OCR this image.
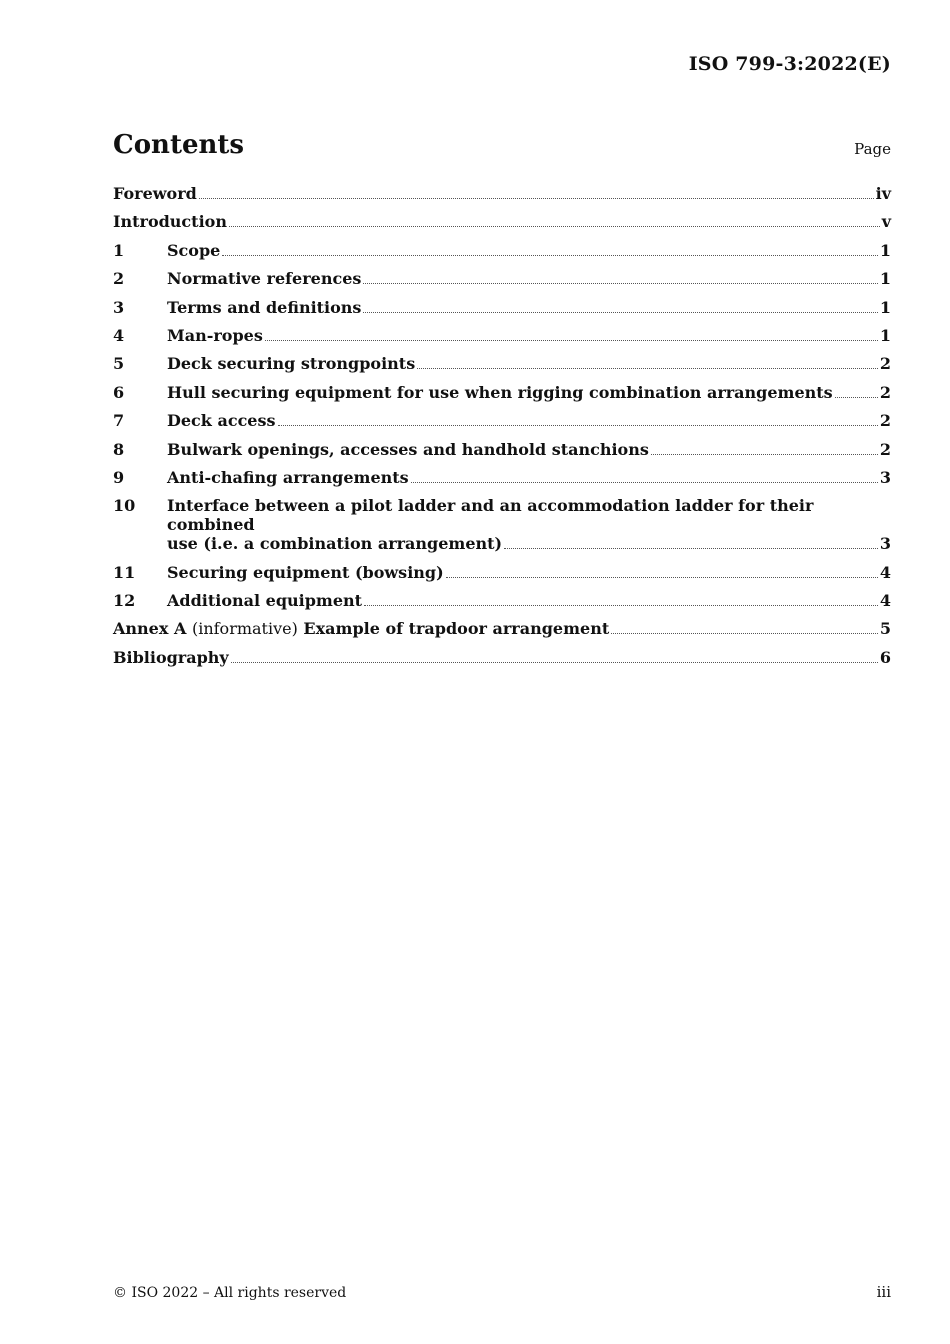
ISO 799-3:2022(E)
Contents	Page
Foreword	iv
Introduction	v
1	Scope	1
2	Normative references	1
3	Terms and definitions	1
4	Man-ropes	1
5	Deck securing strongpoints	2
6	Hull securing equipment for use when rigging combination arrangements	2
7	Deck access	2
8	Bulwark openings, accesses and handhold stanchions	2
9	Anti-chafing arrangements	3
10	Interface between a pilot ladder and an accommodation ladder for their combined
use (i.e. a combination arrangement)	3
11	Securing equipment (bowsing)	4
12	Additional equipment	4
Annex A (informative) Example of trapdoor arrangement	5
Bibliography	6
© ISO 2022 – All rights reserved	iii
